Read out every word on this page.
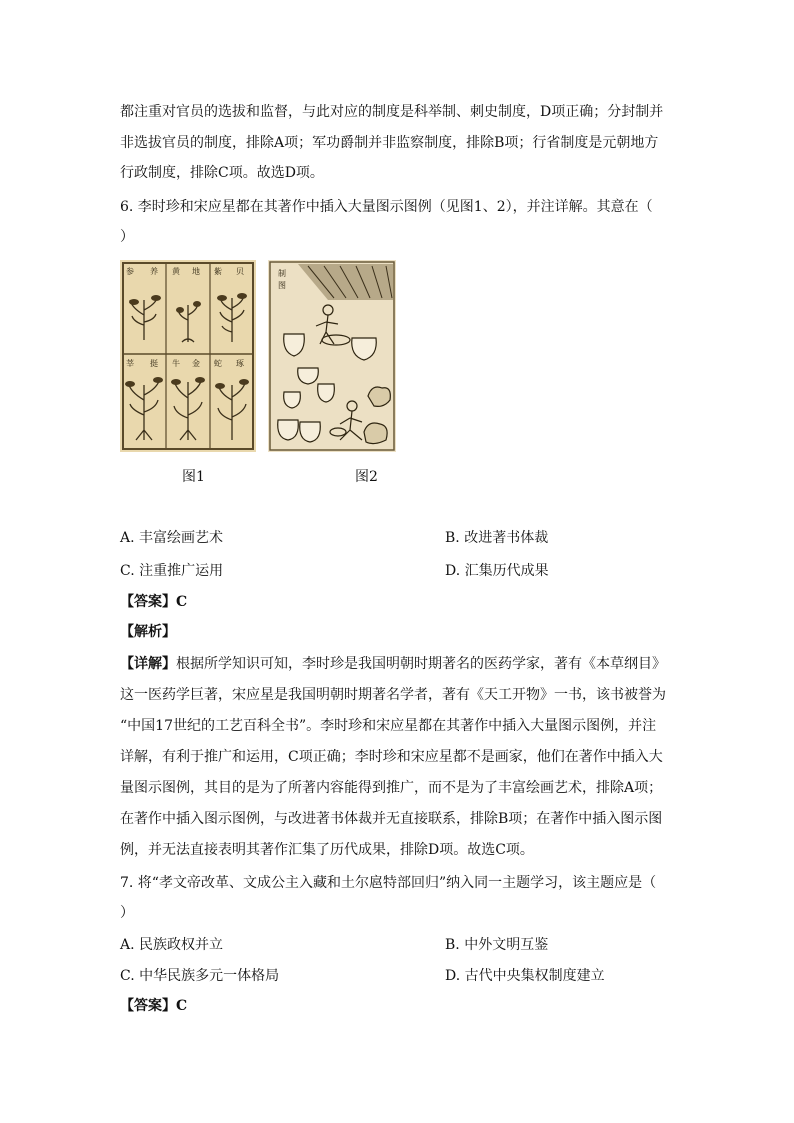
都注重对官员的选拔和监督，与此对应的制度是科举制、刺史制度，D项正确；分封制并
非选拔官员的制度，排除A项；军功爵制并非监察制度，排除B项；行省制度是元朝地方
行政制度，排除C项。故选D项。
6. 李时珍和宋应星都在其著作中插入大量图示图例（见图1、2），并注详解。其意在（
）
参 养 黄 地 紫 贝
莘 挺 牛 金 蛇 琢
制
图
图1	图2
A. 丰富绘画艺术	B. 改进著书体裁
C. 注重推广运用	D. 汇集历代成果
【答案】C
【解析】
【详解】根据所学知识可知，李时珍是我国明朝时期著名的医药学家，著有《本草纲目》
这一医药学巨著，宋应星是我国明朝时期著名学者，著有《天工开物》一书，该书被誉为
“中国17世纪的工艺百科全书”。李时珍和宋应星都在其著作中插入大量图示图例，并注
详解，有利于推广和运用，C项正确；李时珍和宋应星都不是画家，他们在著作中插入大
量图示图例，其目的是为了所著内容能得到推广，而不是为了丰富绘画艺术，排除A项；
在著作中插入图示图例，与改进著书体裁并无直接联系，排除B项；在著作中插入图示图
例，并无法直接表明其著作汇集了历代成果，排除D项。故选C项。
7. 将“孝文帝改革、文成公主入藏和土尔扈特部回归”纳入同一主题学习，该主题应是（
）
A. 民族政权并立	B. 中外文明互鉴
C. 中华民族多元一体格局	D. 古代中央集权制度建立
【答案】C
